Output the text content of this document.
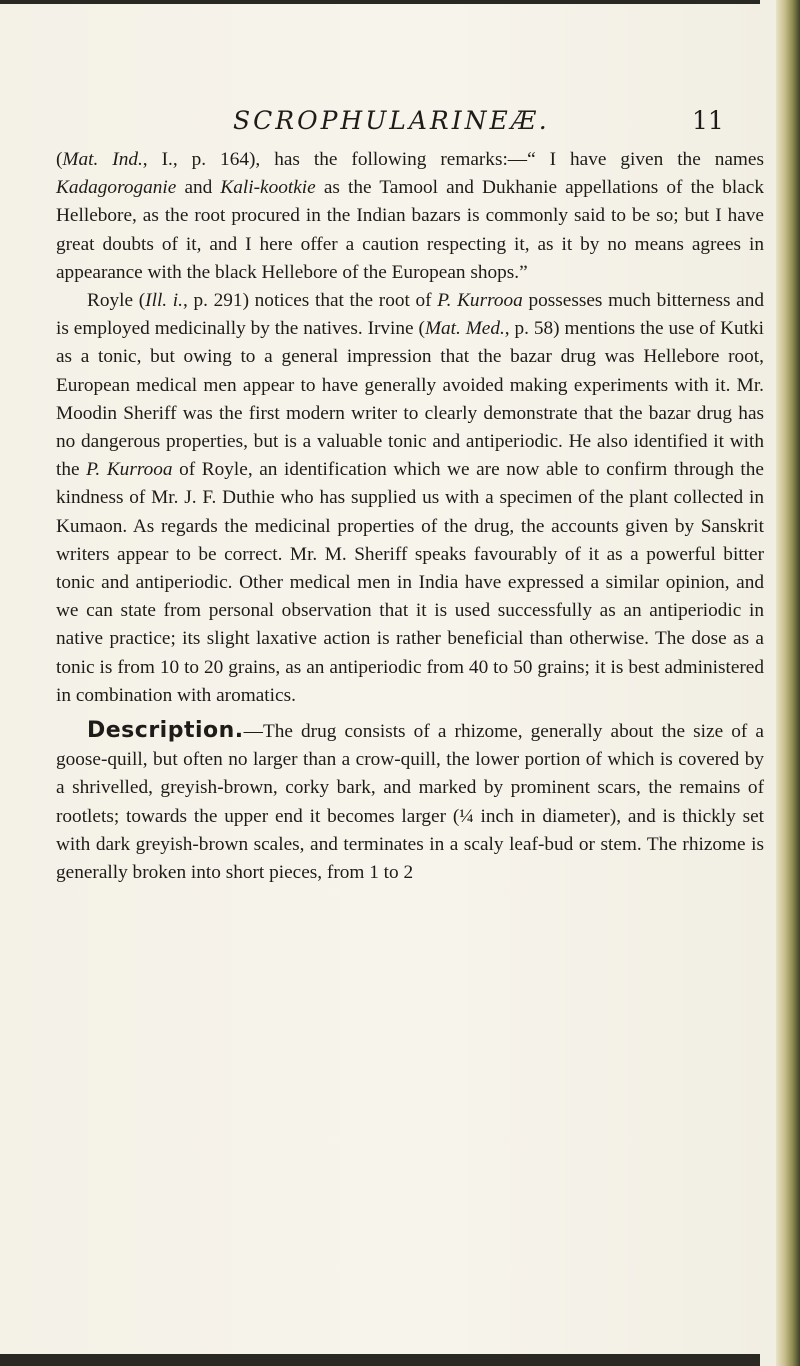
SCROPHULARINEÆ.	11

(Mat. Ind., I., p. 164), has the following remarks:—“ I have given the names Kadagoroganie and Kali-kootkie as the Tamool and Dukhanie appellations of the black Hellebore, as the root procured in the Indian bazars is commonly said to be so; but I have great doubts of it, and I here offer a caution respecting it, as it by no means agrees in appearance with the black Hellebore of the European shops.”

Royle (Ill. i., p. 291) notices that the root of P. Kurrooa possesses much bitterness and is employed medicinally by the natives. Irvine (Mat. Med., p. 58) mentions the use of Kutki as a tonic, but owing to a general impression that the bazar drug was Hellebore root, European medical men appear to have generally avoided making experiments with it. Mr. Moodin Sheriff was the first modern writer to clearly demonstrate that the bazar drug has no dangerous properties, but is a valuable tonic and antiperiodic. He also identified it with the P. Kurrooa of Royle, an identification which we are now able to confirm through the kindness of Mr. J. F. Duthie who has supplied us with a specimen of the plant collected in Kumaon. As regards the medicinal properties of the drug, the accounts given by Sanskrit writers appear to be correct. Mr. M. Sheriff speaks favourably of it as a powerful bitter tonic and antiperiodic. Other medical men in India have expressed a similar opinion, and we can state from personal observation that it is used successfully as an antiperiodic in native practice; its slight laxative action is rather beneficial than otherwise. The dose as a tonic is from 10 to 20 grains, as an antiperiodic from 40 to 50 grains; it is best administered in combination with aromatics.

Description.—The drug consists of a rhizome, generally about the size of a goose-quill, but often no larger than a crow-quill, the lower portion of which is covered by a shrivelled, greyish-brown, corky bark, and marked by prominent scars, the remains of rootlets; towards the upper end it becomes larger (¼ inch in diameter), and is thickly set with dark greyish-brown scales, and terminates in a scaly leaf-bud or stem. The rhizome is generally broken into short pieces, from 1 to 2
